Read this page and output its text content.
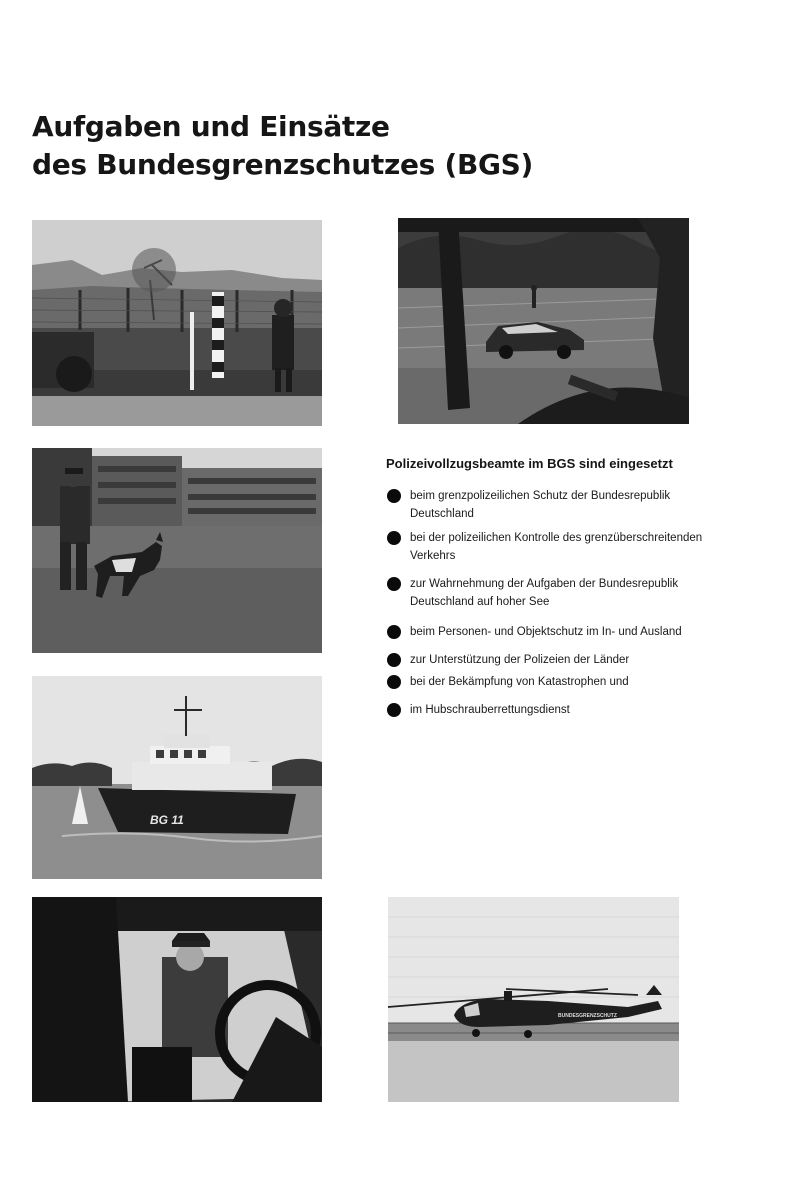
Aufgaben und Einsätze
des Bundesgrenzschutzes (BGS)
BG 11
BUNDESGRENZSCHUTZ

Polizeivollzugsbeamte im BGS sind eingesetzt

beim grenzpolizeilichen Schutz der Bundesrepublik Deutschland
bei der polizeilichen Kontrolle des grenzüberschreitenden Verkehrs
zur Wahrnehmung der Aufgaben der Bundesrepublik Deutschland auf hoher See
beim Personen- und Objektschutz im In- und Ausland
zur Unterstützung der Polizeien der Länder
bei der Bekämpfung von Katastrophen und
im Hubschrauberrettungsdienst
